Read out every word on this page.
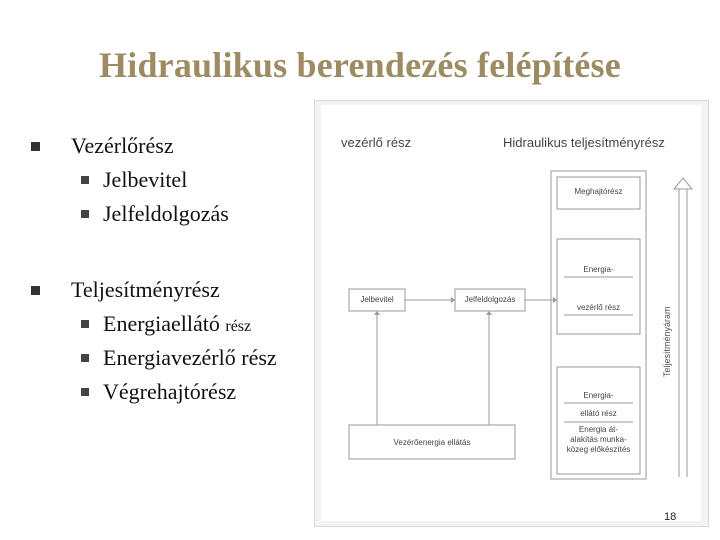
Hidraulikus berendezés felépítése
Vezérlőrész
Jelbevitel
Jelfeldolgozás
Teljesítményrész
Energiaellátó rész
Energiavezérlő rész
Végrehajtórész
vezérlő rész	Hidraulikus teljesítményrész
Meghajtórész
Energia-
vezérlő rész
Jelbevitel	Jelfeldolgozás
Energia-
ellátó rész
Energia át-
alakítás munka-
közeg előkészítés
Vezérőenergia ellátás
Teljesítményáram
18
